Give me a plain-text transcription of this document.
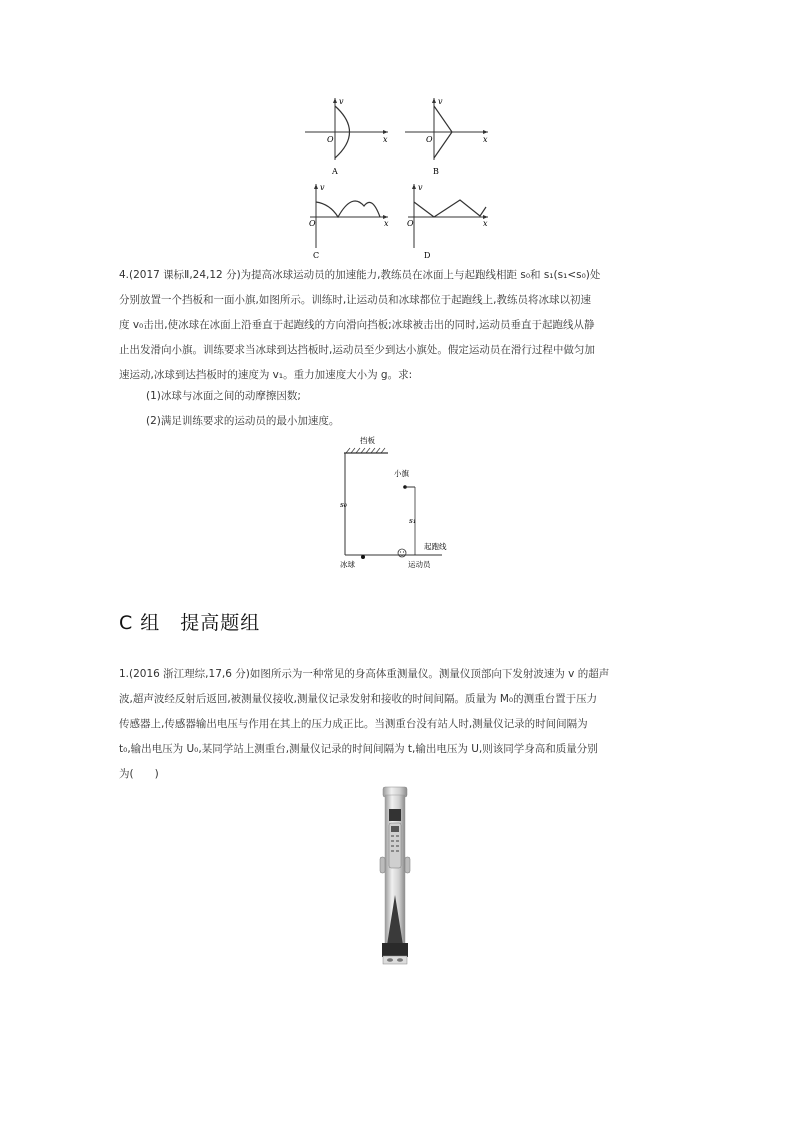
v
x
O
A
v
x
O
B
v
x
O
C
v
x
O
D
4.(2017 课标Ⅱ,24,12 分)为提高冰球运动员的加速能力,教练员在冰面上与起跑线相距 s₀和 s₁(s₁<s₀)处
分别放置一个挡板和一面小旗,如图所示。训练时,让运动员和冰球都位于起跑线上,教练员将冰球以初速
度 v₀击出,使冰球在冰面上沿垂直于起跑线的方向滑向挡板;冰球被击出的同时,运动员垂直于起跑线从静
止出发滑向小旗。训练要求当冰球到达挡板时,运动员至少到达小旗处。假定运动员在滑行过程中做匀加
速运动,冰球到达挡板时的速度为 v₁。重力加速度大小为 g。求:
(1)冰球与冰面之间的动摩擦因数;
(2)满足训练要求的运动员的最小加速度。
挡板
s₀
起跑线
冰球
小旗
s₁
运动员
C 组　提高题组
1.(2016 浙江理综,17,6 分)如图所示为一种常见的身高体重测量仪。测量仪顶部向下发射波速为 v 的超声
波,超声波经反射后返回,被测量仪接收,测量仪记录发射和接收的时间间隔。质量为 M₀的测重台置于压力
传感器上,传感器输出电压与作用在其上的压力成正比。当测重台没有站人时,测量仪记录的时间间隔为
t₀,输出电压为 U₀,某同学站上测重台,测量仪记录的时间间隔为 t,输出电压为 U,则该同学身高和质量分别
为(　　)
